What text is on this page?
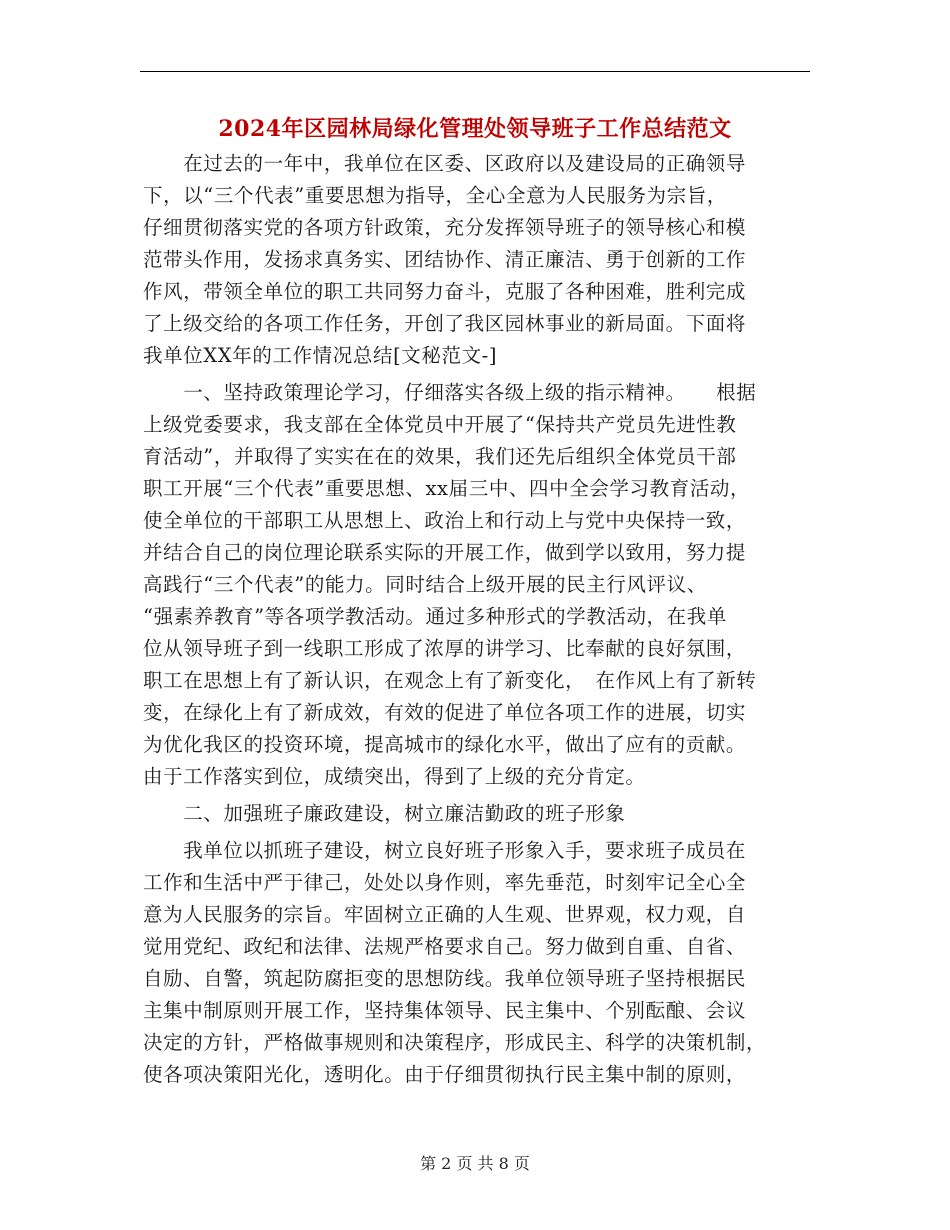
2024年区园林局绿化管理处领导班子工作总结范文
　　在过去的一年中，我单位在区委、区政府以及建设局的正确领导
下，以“三个代表”重要思想为指导，全心全意为人民服务为宗旨，
仔细贯彻落实党的各项方针政策，充分发挥领导班子的领导核心和模
范带头作用，发扬求真务实、团结协作、清正廉洁、勇于创新的工作
作风，带领全单位的职工共同努力奋斗，克服了各种困难，胜利完成
了上级交给的各项工作任务，开创了我区园林事业的新局面。下面将
我单位XX年的工作情况总结[文秘范文-]
　　一、坚持政策理论学习，仔细落实各级上级的指示精神。　　根据
上级党委要求，我支部在全体党员中开展了“保持共产党员先进性教
育活动”，并取得了实实在在的效果，我们还先后组织全体党员干部
职工开展“三个代表”重要思想、xx届三中、四中全会学习教育活动，
使全单位的干部职工从思想上、政治上和行动上与党中央保持一致，
并结合自己的岗位理论联系实际的开展工作，做到学以致用，努力提
高践行“三个代表”的能力。同时结合上级开展的民主行风评议、
“强素养教育”等各项学教活动。通过多种形式的学教活动，在我单
位从领导班子到一线职工形成了浓厚的讲学习、比奉献的良好氛围，
职工在思想上有了新认识，在观念上有了新变化，　在作风上有了新转
变，在绿化上有了新成效，有效的促进了单位各项工作的进展，切实
为优化我区的投资环境，提高城市的绿化水平，做出了应有的贡献。
由于工作落实到位，成绩突出，得到了上级的充分肯定。
　　二、加强班子廉政建设，树立廉洁勤政的班子形象
　　我单位以抓班子建设，树立良好班子形象入手，要求班子成员在
工作和生活中严于律己，处处以身作则，率先垂范，时刻牢记全心全
意为人民服务的宗旨。牢固树立正确的人生观、世界观，权力观，自
觉用党纪、政纪和法律、法规严格要求自己。努力做到自重、自省、
自励、自警，筑起防腐拒变的思想防线。我单位领导班子坚持根据民
主集中制原则开展工作，坚持集体领导、民主集中、个别酝酿、会议
决定的方针，严格做事规则和决策程序，形成民主、科学的决策机制，
使各项决策阳光化，透明化。由于仔细贯彻执行民主集中制的原则，
第 2 页 共 8 页
